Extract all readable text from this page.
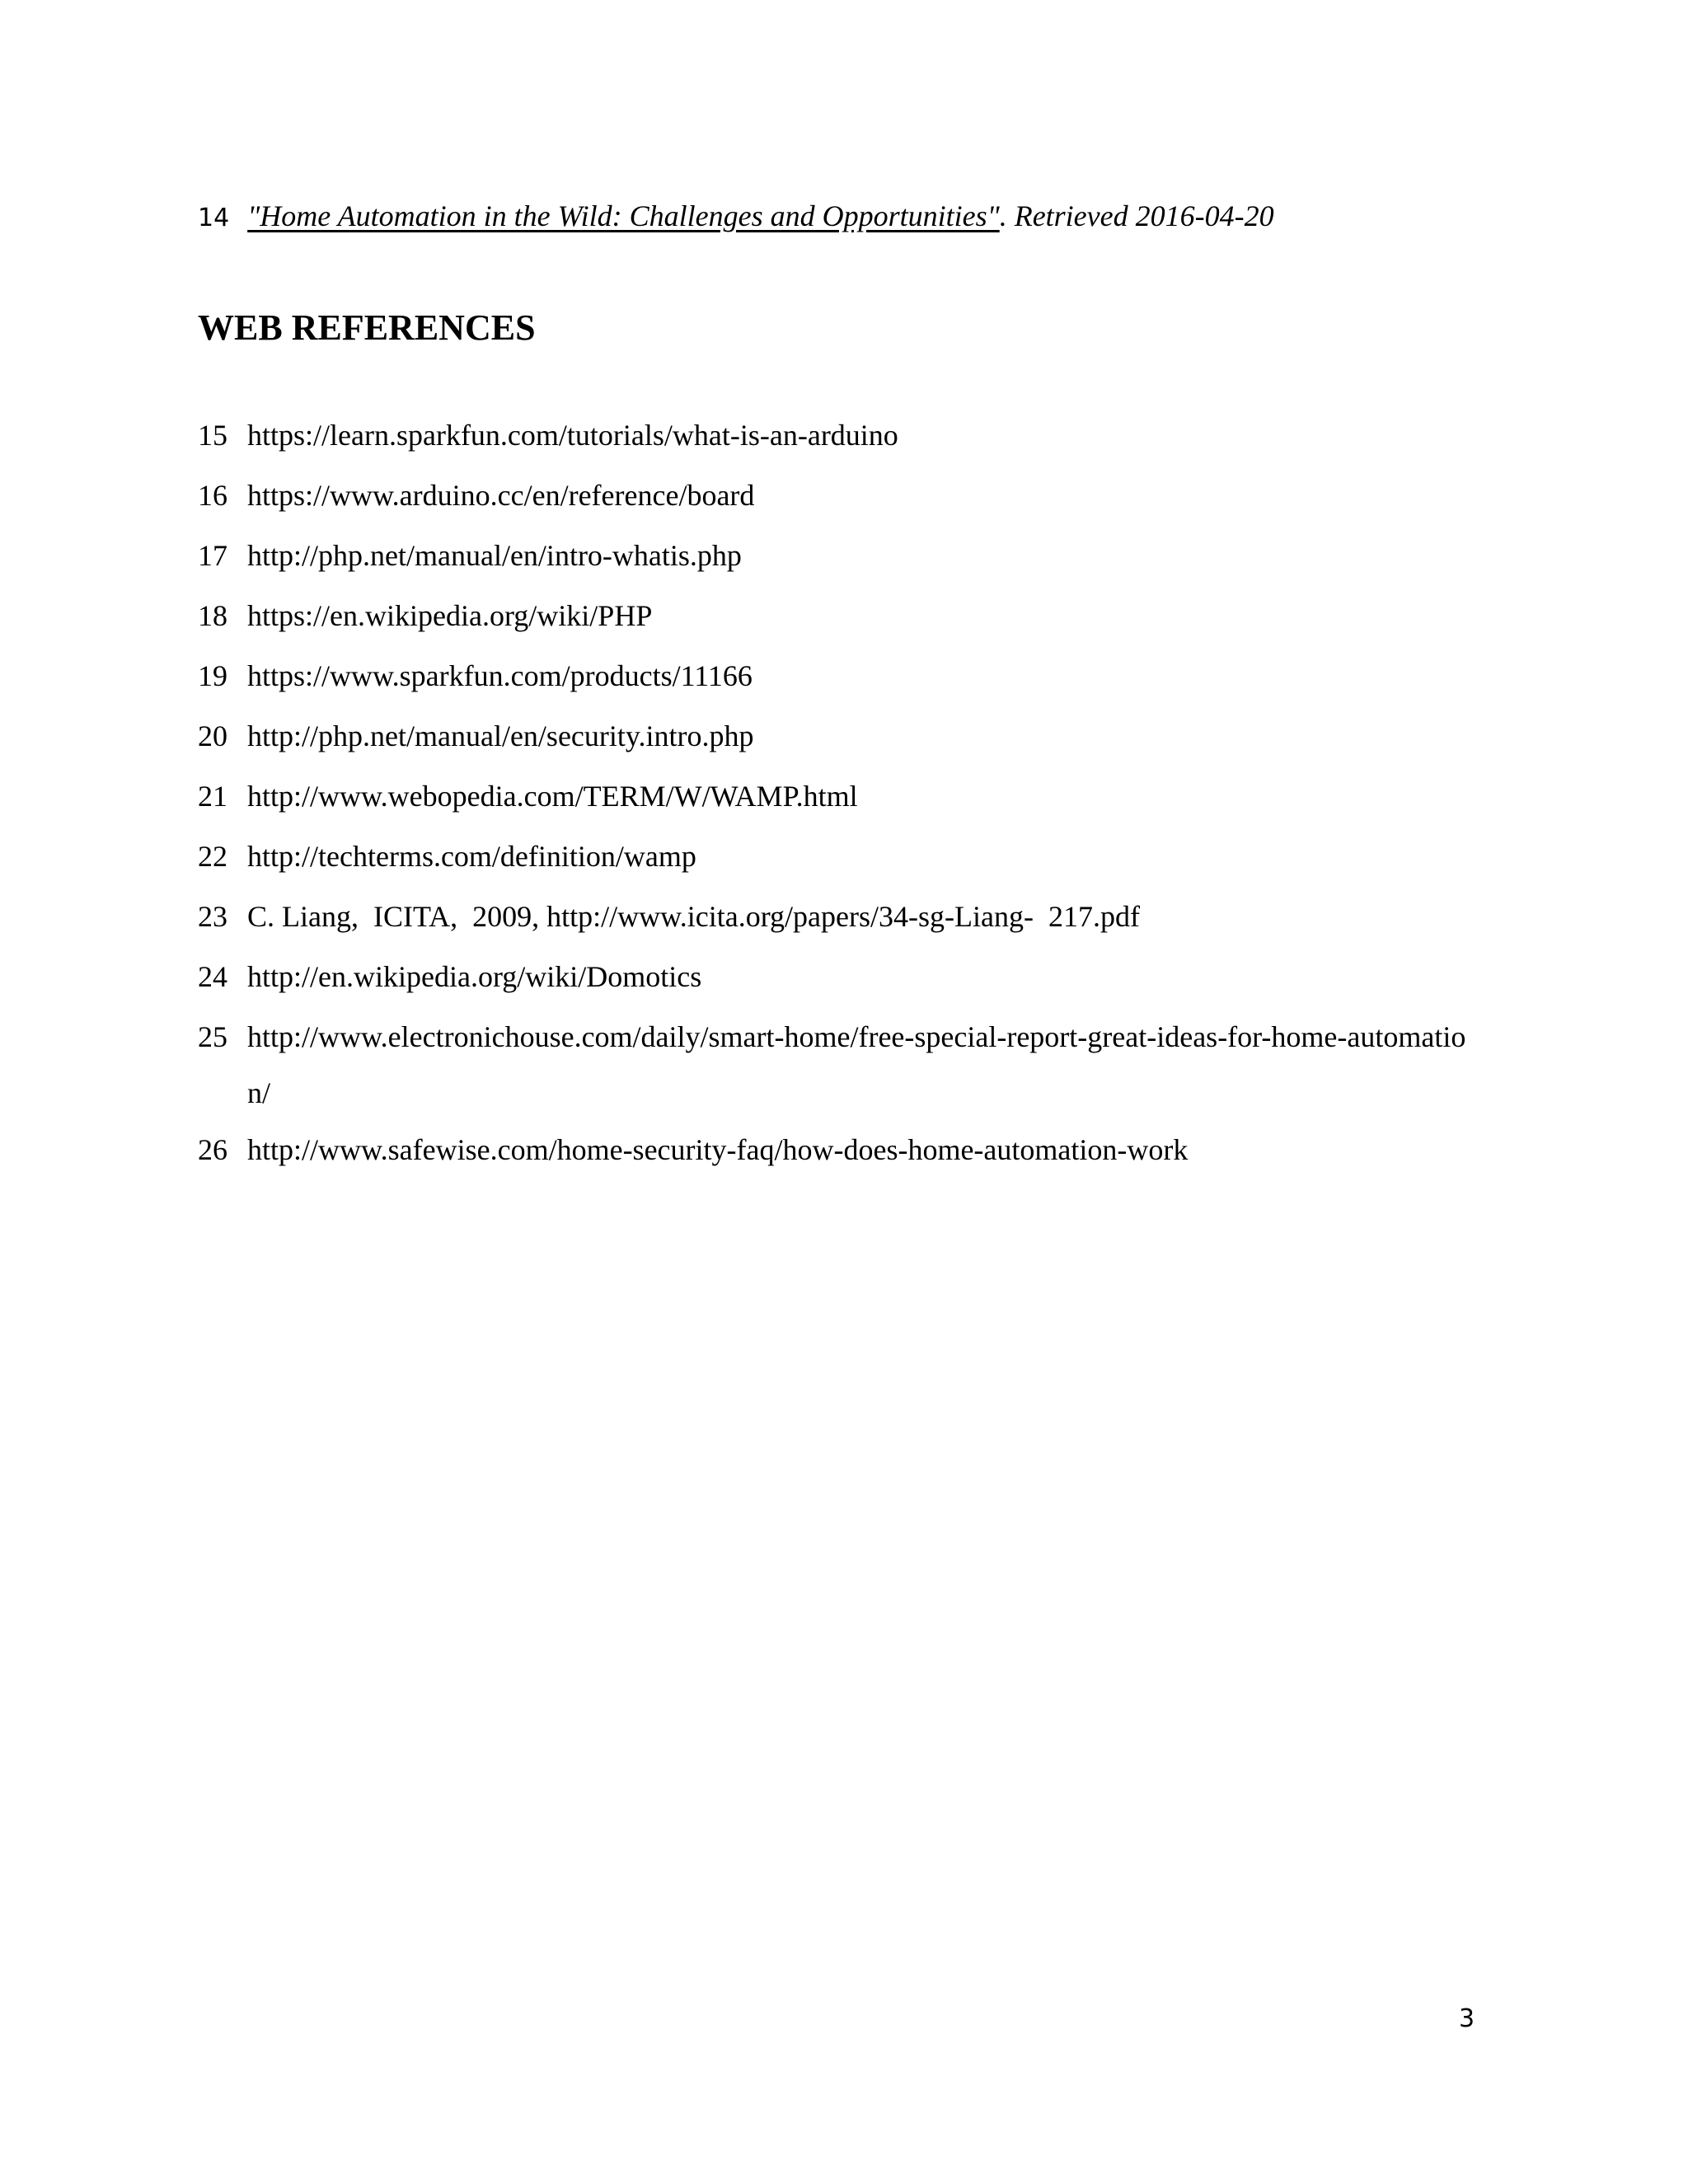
14 "Home Automation in the Wild: Challenges and Opportunities". Retrieved 2016-04-20
WEB REFERENCES
15 https://learn.sparkfun.com/tutorials/what-is-an-arduino
16 https://www.arduino.cc/en/reference/board
17 http://php.net/manual/en/intro-whatis.php
18 https://en.wikipedia.org/wiki/PHP
19 https://www.sparkfun.com/products/11166
20 http://php.net/manual/en/security.intro.php
21 http://www.webopedia.com/TERM/W/WAMP.html
22 http://techterms.com/definition/wamp
23 C. Liang,  ICITA,  2009, http://www.icita.org/papers/34-sg-Liang-  217.pdf
24 http://en.wikipedia.org/wiki/Domotics
25 http://www.electronichouse.com/daily/smart-home/free-special-report-great-ideas-for-home-automation/
26 http://www.safewise.com/home-security-faq/how-does-home-automation-work
3
